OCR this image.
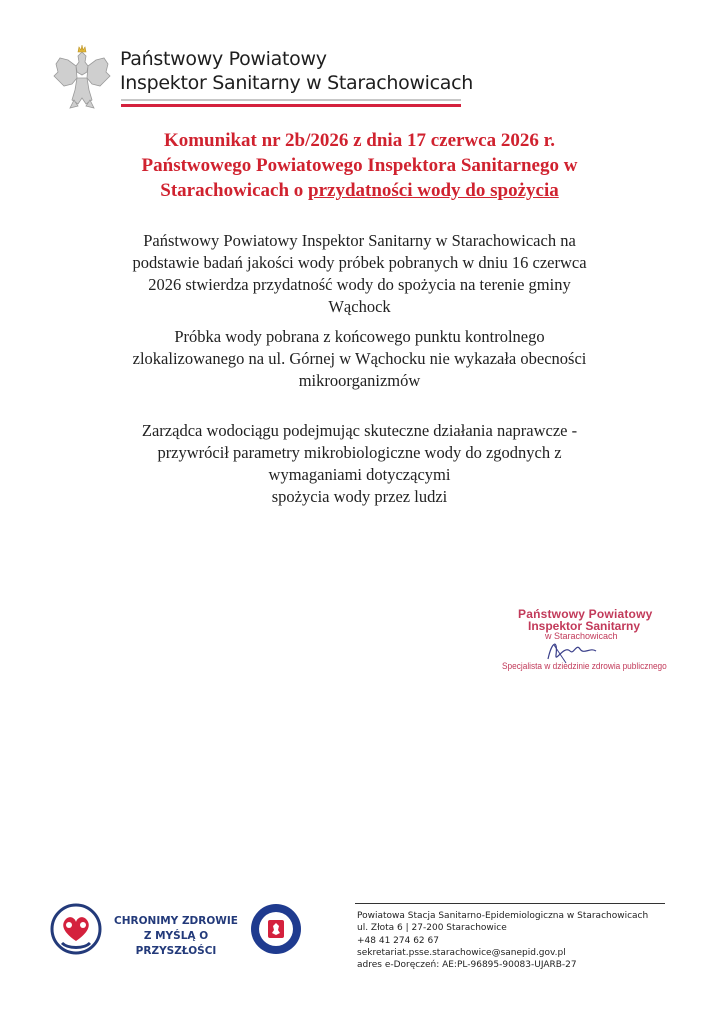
Państwowy Powiatowy
Inspektor Sanitarny w Starachowicach
Komunikat nr 2b/2026 z dnia 17 czerwca 2026 r.
Państwowego Powiatowego Inspektora Sanitarnego w
Starachowicach o przydatności wody do spożycia
Państwowy Powiatowy Inspektor Sanitarny w Starachowicach na
podstawie badań jakości wody próbek pobranych w dniu 16 czerwca
2026 stwierdza przydatność wody do spożycia na terenie gminy
Wąchock
Próbka wody pobrana z końcowego punktu kontrolnego
zlokalizowanego na ul. Górnej w Wąchocku nie wykazała obecności
mikroorganizmów
Zarządca wodociągu podejmując skuteczne działania naprawcze -
przywrócił parametry mikrobiologiczne wody do zgodnych z
wymaganiami dotyczącymi
spożycia wody przez ludzi
Państwowy Powiatowy
Inspektor Sanitarny
w Starachowicach
Specjalista w dziedzinie zdrowia publicznego
CHRONIMY ZDROWIE
Z MYŚLĄ O PRZYSZŁOŚCI
Powiatowa Stacja Sanitarno-Epidemiologiczna w Starachowicach
ul. Złota 6 | 27-200 Starachowice
+48 41 274 62 67
sekretariat.psse.starachowice@sanepid.gov.pl
adres e-Doręczeń: AE:PL-96895-90083-UJARB-27
